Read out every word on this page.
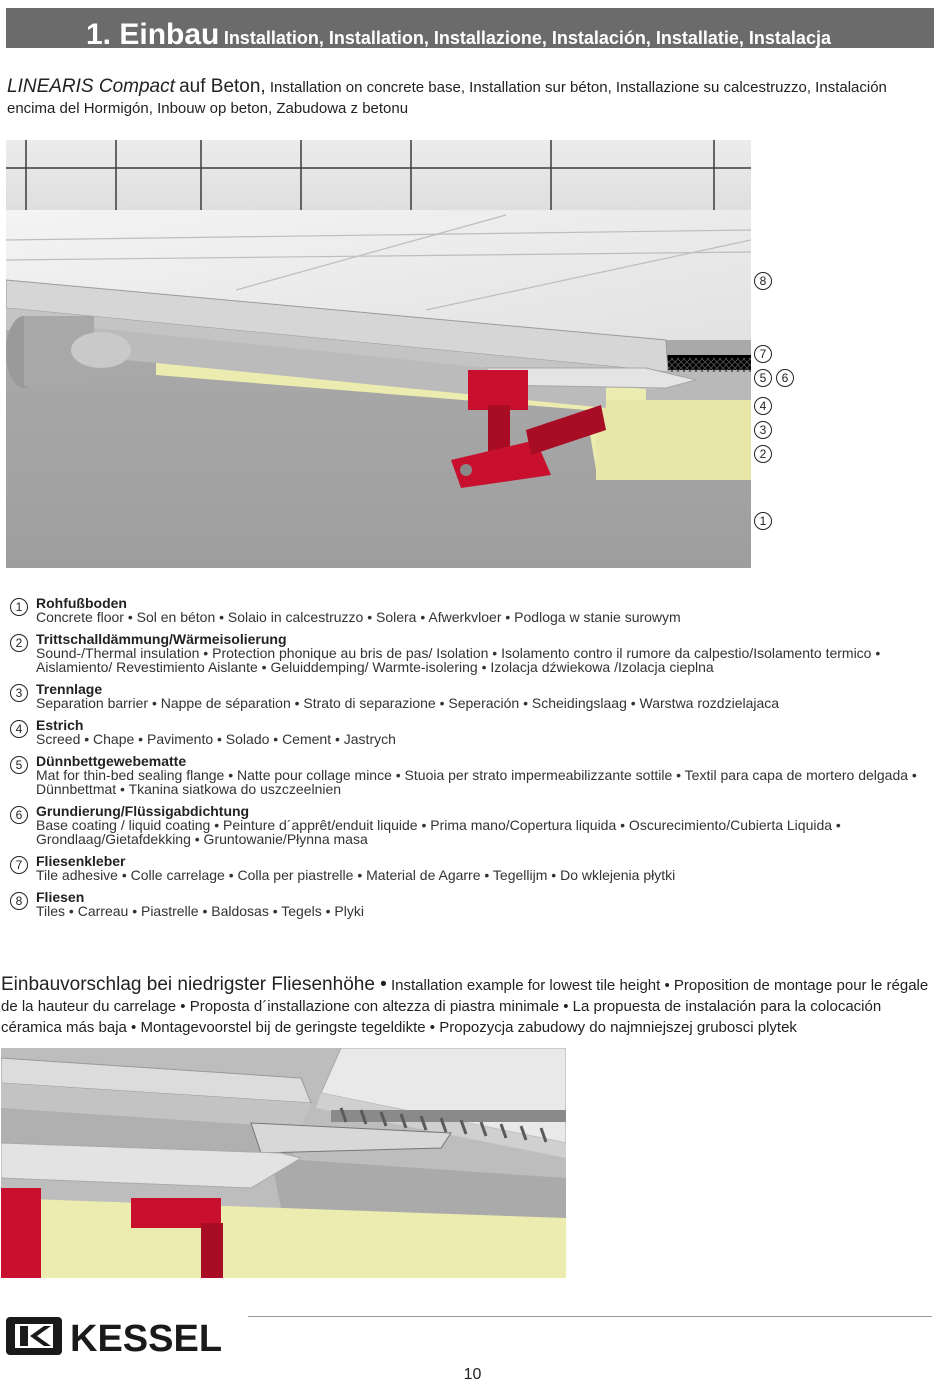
1. Einbau Installation, Installation, Installazione, Instalación, Installatie, Instalacja
LINEARIS Compact auf Beton, Installation on concrete base, Installation sur béton, Installazione su calcestruzzo, Instalación encima del Hormigón, Inbouw op beton, Zabudowa z betonu
8
7
5	6
4
3
2
1
1 Rohfußboden
Concrete floor • Sol en béton • Solaio in calcestruzzo • Solera • Afwerkvloer • Podloga w stanie surowym
2 Trittschalldämmung/Wärmeisolierung
Sound-/Thermal insulation • Protection phonique au bris de pas/ Isolation • Isolamento contro il rumore da calpestio/Isolamento termico • Aislamiento/ Revestimiento Aislante • Geluiddemping/ Warmte-isolering • Izolacja dźwiekowa /Izolacja cieplna
3 Trennlage
Separation barrier • Nappe de séparation • Strato di separazione • Seperación • Scheidingslaag • Warstwa rozdzielajaca
4 Estrich
Screed • Chape • Pavimento • Solado • Cement • Jastrych
5 Dünnbettgewebematte
Mat for thin-bed sealing flange • Natte pour collage mince • Stuoia per strato impermeabilizzante sottile • Textil para capa de mortero delgada • Dünnbettmat • Tkanina siatkowa do uszczeelnien
6 Grundierung/Flüssigabdichtung
Base coating / liquid coating • Peinture d´apprêt/enduit liquide • Prima mano/Copertura liquida • Oscurecimiento/Cubierta Liquida • Grondlaag/Gietafdekking • Gruntowanie/Płynna masa
7 Fliesenkleber
Tile adhesive • Colle carrelage • Colla per piastrelle • Material de Agarre • Tegellijm • Do wklejenia płytki
8 Fliesen
Tiles • Carreau • Piastrelle • Baldosas • Tegels • Plyki
Einbauvorschlag bei niedrigster Fliesenhöhe • Installation example for lowest tile height • Proposition de montage pour le régale de la hauteur du carrelage • Proposta d´installazione con altezza di piastra minimale • La propuesta de instalación para la colocación céramica más baja • Montagevoorstel bij de geringste tegeldikte • Propozycja zabudowy do najmniejszej grubosci plytek
KESSEL
10
